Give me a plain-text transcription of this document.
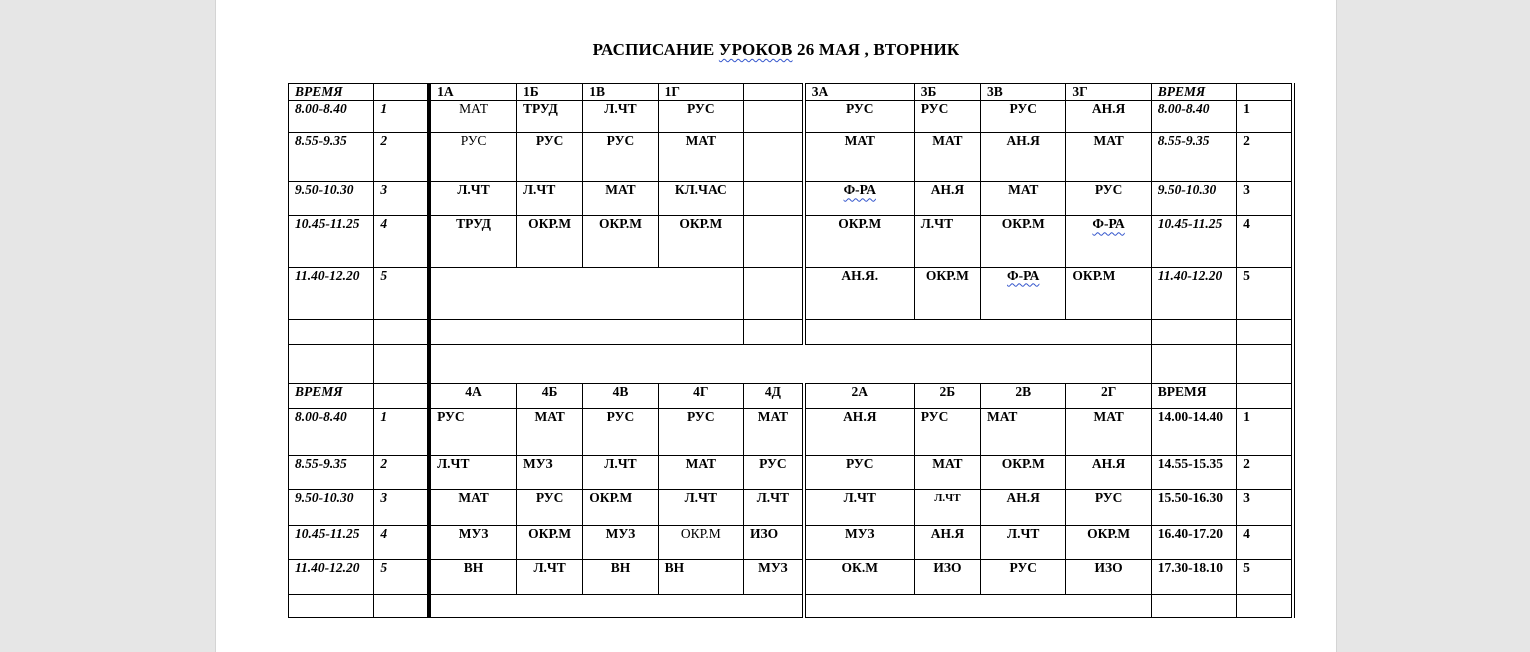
РАСПИСАНИЕ УРОКОВ 26 МАЯ , ВТОРНИК
ВРЕМЯ		1А	1Б	1В	1Г		3А	3Б	3В	3Г	ВРЕМЯ	
8.00-8.40	1	МАТ	ТРУД	Л.ЧТ	РУС		РУС	РУС	РУС	АН.Я	8.00-8.40	1
8.55-9.35	2	РУС	РУС	РУС	МАТ		МАТ	МАТ	АН.Я	МАТ	8.55-9.35	2
9.50-10.30	3	Л.ЧТ	Л.ЧТ	МАТ	КЛ.ЧАС		Ф-РА	АН.Я	МАТ	РУС	9.50-10.30	3
10.45-11.25	4	ТРУД	ОКР.М	ОКР.М	ОКР.М		ОКР.М	Л.ЧТ	ОКР.М	Ф-РА	10.45-11.25	4
11.40-12.20	5						АН.Я.	ОКР.М	Ф-РА	ОКР.М	11.40-12.20	5

ВРЕМЯ		4А	4Б	4В	4Г	4Д	2А	2Б	2В	2Г	ВРЕМЯ	
8.00-8.40	1	РУС	МАТ	РУС	РУС	МАТ	АН.Я	РУС	МАТ	МАТ	14.00-14.40	1
8.55-9.35	2	Л.ЧТ	МУЗ	Л.ЧТ	МАТ	РУС	РУС	МАТ	ОКР.М	АН.Я	14.55-15.35	2
9.50-10.30	3	МАТ	РУС	ОКР.М	Л.ЧТ	Л.ЧТ	Л.ЧТ	Л.ЧТ	АН.Я	РУС	15.50-16.30	3
10.45-11.25	4	МУЗ	ОКР.М	МУЗ	ОКР.М	ИЗО	МУЗ	АН.Я	Л.ЧТ	ОКР.М	16.40-17.20	4
11.40-12.20	5	ВН	Л.ЧТ	ВН	ВН	МУЗ	ОК.М	ИЗО	РУС	ИЗО	17.30-18.10	5
